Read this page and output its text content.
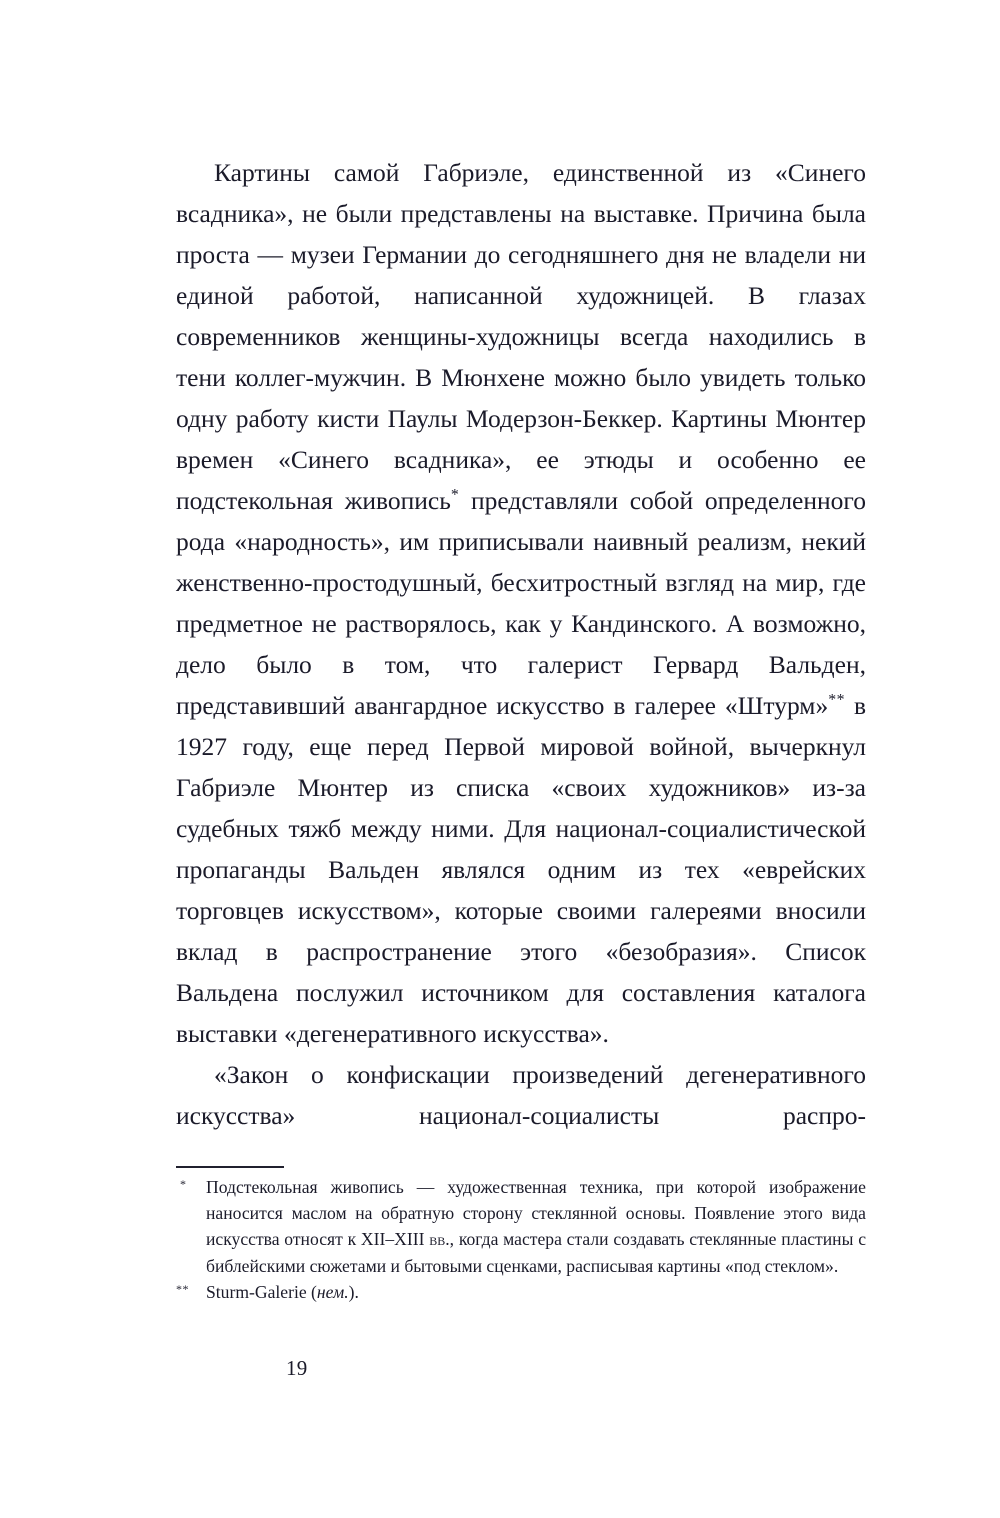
Картины самой Габриэле, единственной из «Синего всадника», не были представлены на выставке. Причина была проста — музеи Германии до сегодняшнего дня не владели ни единой работой, написанной художницей. В глазах современников женщины-художницы всегда находились в тени коллег-мужчин. В Мюнхене можно было увидеть только одну работу кисти Паулы Модерзон-Беккер. Картины Мюнтер времен «Синего всадника», ее этюды и особенно ее подстекольная живопись* представляли собой определенного рода «народность», им приписывали наивный реализм, некий женственно-простодушный, бесхитростный взгляд на мир, где предметное не растворялось, как у Кандинского. А возможно, дело было в том, что галерист Гервард Вальден, представивший авангардное искусство в галерее «Штурм»** в 1927 году, еще перед Первой мировой войной, вычеркнул Габриэле Мюнтер из списка «своих художников» из-за судебных тяжб между ними. Для национал-социалистической пропаганды Вальден являлся одним из тех «еврейских торговцев искусством», которые своими галереями вносили вклад в распространение этого «безобразия». Список Вальдена послужил источником для составления каталога выставки «дегенеративного искусства».

«Закон о конфискации произведений дегенеративного искусства» национал-социалисты распро-

*	Подстекольная живопись — художественная техника, при которой изображение наносится маслом на обратную сторону стеклянной основы. Появление этого вида искусства относят к XII–XIII вв., когда мастера стали создавать стеклянные пластины с библейскими сюжетами и бытовыми сценками, расписывая картины «под стеклом».

** Sturm-Galerie (нем.).

19
